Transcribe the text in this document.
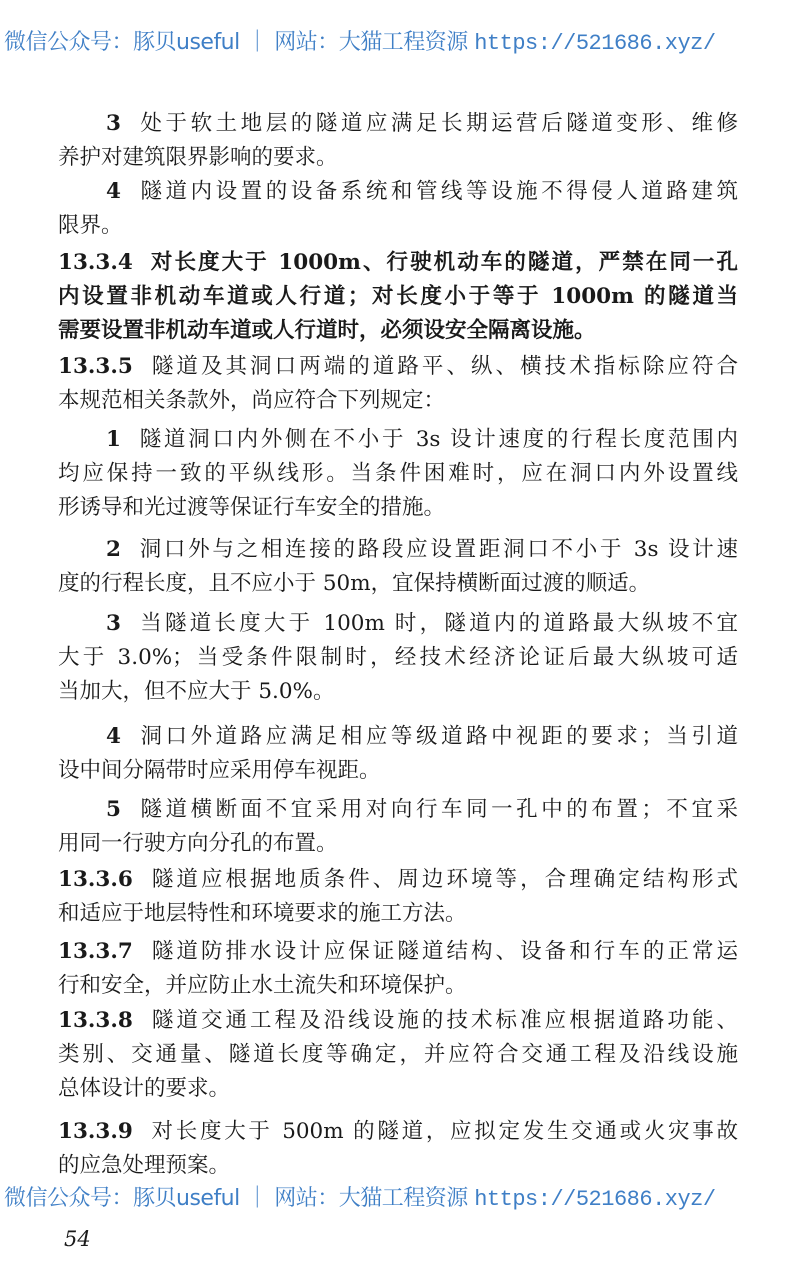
微信公众号：豚贝useful ｜ 网站：大猫工程资源 https://521686.xyz/
3 处于软土地层的隧道应满足长期运营后隧道变形、维修
养护对建筑限界影响的要求。
4 隧道内设置的设备系统和管线等设施不得侵人道路建筑
限界。
13.3.4 对长度大于 1000m、行驶机动车的隧道，严禁在同一孔
内设置非机动车道或人行道；对长度小于等于 1000m 的隧道当
需要设置非机动车道或人行道时，必须设安全隔离设施。
13.3.5 隧道及其洞口两端的道路平、纵、横技术指标除应符合
本规范相关条款外，尚应符合下列规定：
1 隧道洞口内外侧在不小于 3s 设计速度的行程长度范围内
均应保持一致的平纵线形。当条件困难时，应在洞口内外设置线
形诱导和光过渡等保证行车安全的措施。
2 洞口外与之相连接的路段应设置距洞口不小于 3s 设计速
度的行程长度，且不应小于 50m，宜保持横断面过渡的顺适。
3 当隧道长度大于 100m 时，隧道内的道路最大纵坡不宜
大于 3.0%；当受条件限制时，经技术经济论证后最大纵坡可适
当加大，但不应大于 5.0%。
4 洞口外道路应满足相应等级道路中视距的要求；当引道
设中间分隔带时应采用停车视距。
5 隧道横断面不宜采用对向行车同一孔中的布置；不宜采
用同一行驶方向分孔的布置。
13.3.6 隧道应根据地质条件、周边环境等，合理确定结构形式
和适应于地层特性和环境要求的施工方法。
13.3.7 隧道防排水设计应保证隧道结构、设备和行车的正常运
行和安全，并应防止水土流失和环境保护。
13.3.8 隧道交通工程及沿线设施的技术标准应根据道路功能、
类别、交通量、隧道长度等确定，并应符合交通工程及沿线设施
总体设计的要求。
13.3.9 对长度大于 500m 的隧道，应拟定发生交通或火灾事故
的应急处理预案。
微信公众号：豚贝useful ｜ 网站：大猫工程资源 https://521686.xyz/
54
